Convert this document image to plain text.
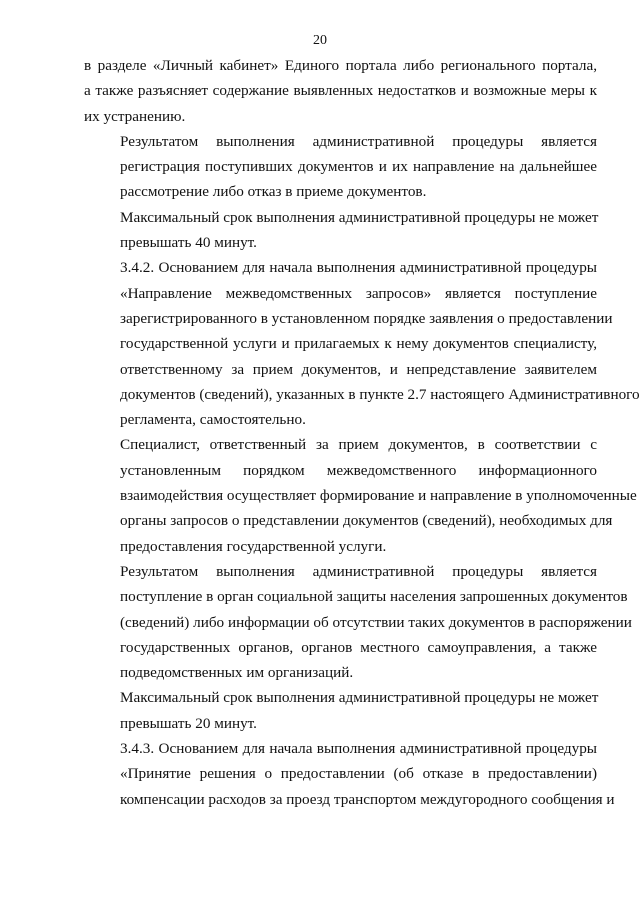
20

в разделе «Личный кабинет» Единого портала либо регионального портала,
а также разъясняет содержание выявленных недостатков и возможные меры к
их устранению.

Результатом выполнения административной процедуры является
регистрация поступивших документов и их направление на дальнейшее
рассмотрение либо отказ в приеме документов.

Максимальный срок выполнения административной процедуры не может
превышать 40 минут.

3.4.2. Основанием для начала выполнения административной процедуры
«Направление межведомственных запросов» является поступление
зарегистрированного в установленном порядке заявления о предоставлении
государственной услуги и прилагаемых к нему документов специалисту,
ответственному за прием документов, и непредставление заявителем
документов (сведений), указанных в пункте 2.7 настоящего Административного
регламента, самостоятельно.

Специалист, ответственный за прием документов, в соответствии с
установленным порядком межведомственного информационного
взаимодействия осуществляет формирование и направление в уполномоченные
органы запросов о представлении документов (сведений), необходимых для
предоставления государственной услуги.

Результатом выполнения административной процедуры является
поступление в орган социальной защиты населения запрошенных документов
(сведений) либо информации об отсутствии таких документов в распоряжении
государственных органов, органов местного самоуправления, а также
подведомственных им организаций.

Максимальный срок выполнения административной процедуры не может
превышать 20 минут.

3.4.3. Основанием для начала выполнения административной процедуры
«Принятие решения о предоставлении (об отказе в предоставлении)
компенсации расходов за проезд транспортом междугородного сообщения и
